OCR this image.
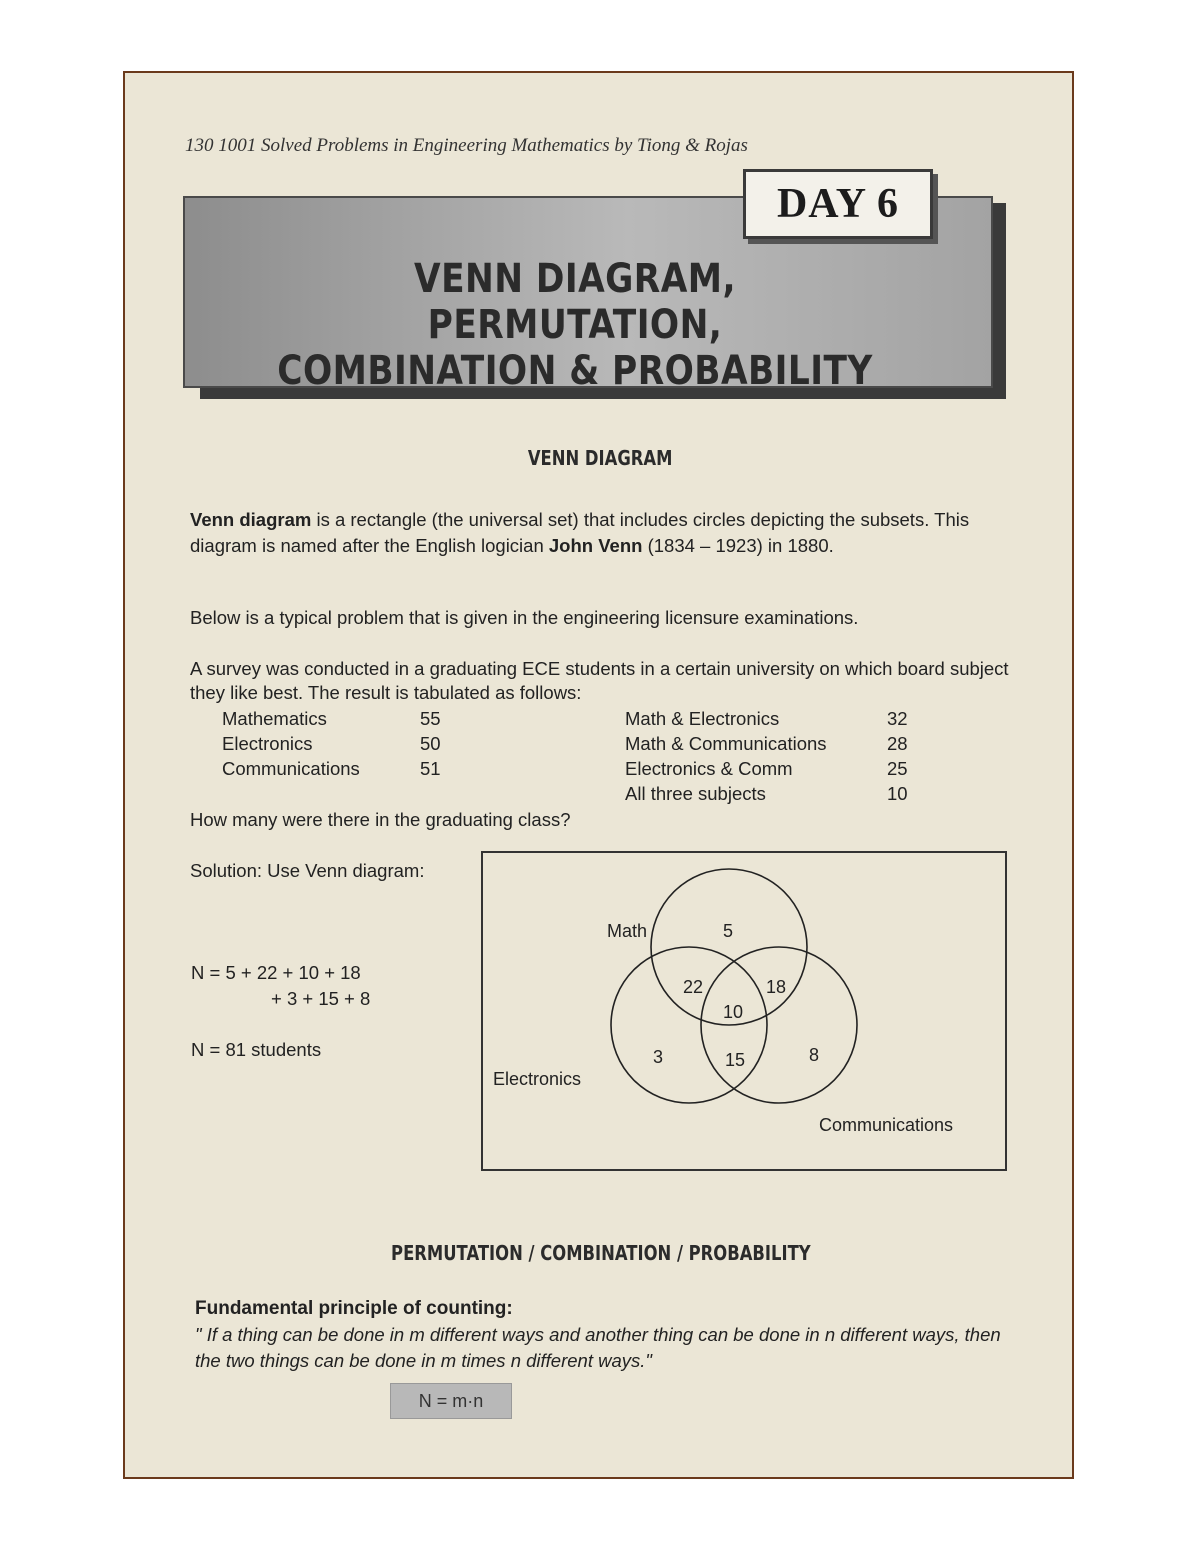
130 1001 Solved Problems in Engineering Mathematics by Tiong & Rojas
DAY 6
VENN DIAGRAM, PERMUTATION,
COMBINATION & PROBABILITY
VENN DIAGRAM
Venn diagram is a rectangle (the universal set) that includes circles depicting the subsets. This diagram is named after the English logician John Venn (1834 – 1923) in 1880.
Below is a typical problem that is given in the engineering licensure examinations.
A survey was conducted in a graduating ECE students in a certain university on which board subject they like best. The result is tabulated as follows:
Mathematics	55	Math & Electronics	32
Electronics	50	Math & Communications	28
Communications	51	Electronics & Comm	25
		All three subjects	10
How many were there in the graduating class?
Solution: Use Venn diagram:
N = 5 + 22 + 10 + 18
+ 3 + 15 + 8
N = 81 students
Math
Electronics
Communications
5
22	18
10
3	15	8
PERMUTATION / COMBINATION / PROBABILITY
Fundamental principle of counting:
" If a thing can be done in m different ways and another thing can be done in n different ways, then the two things can be done in m times n different ways."
N = m·n
